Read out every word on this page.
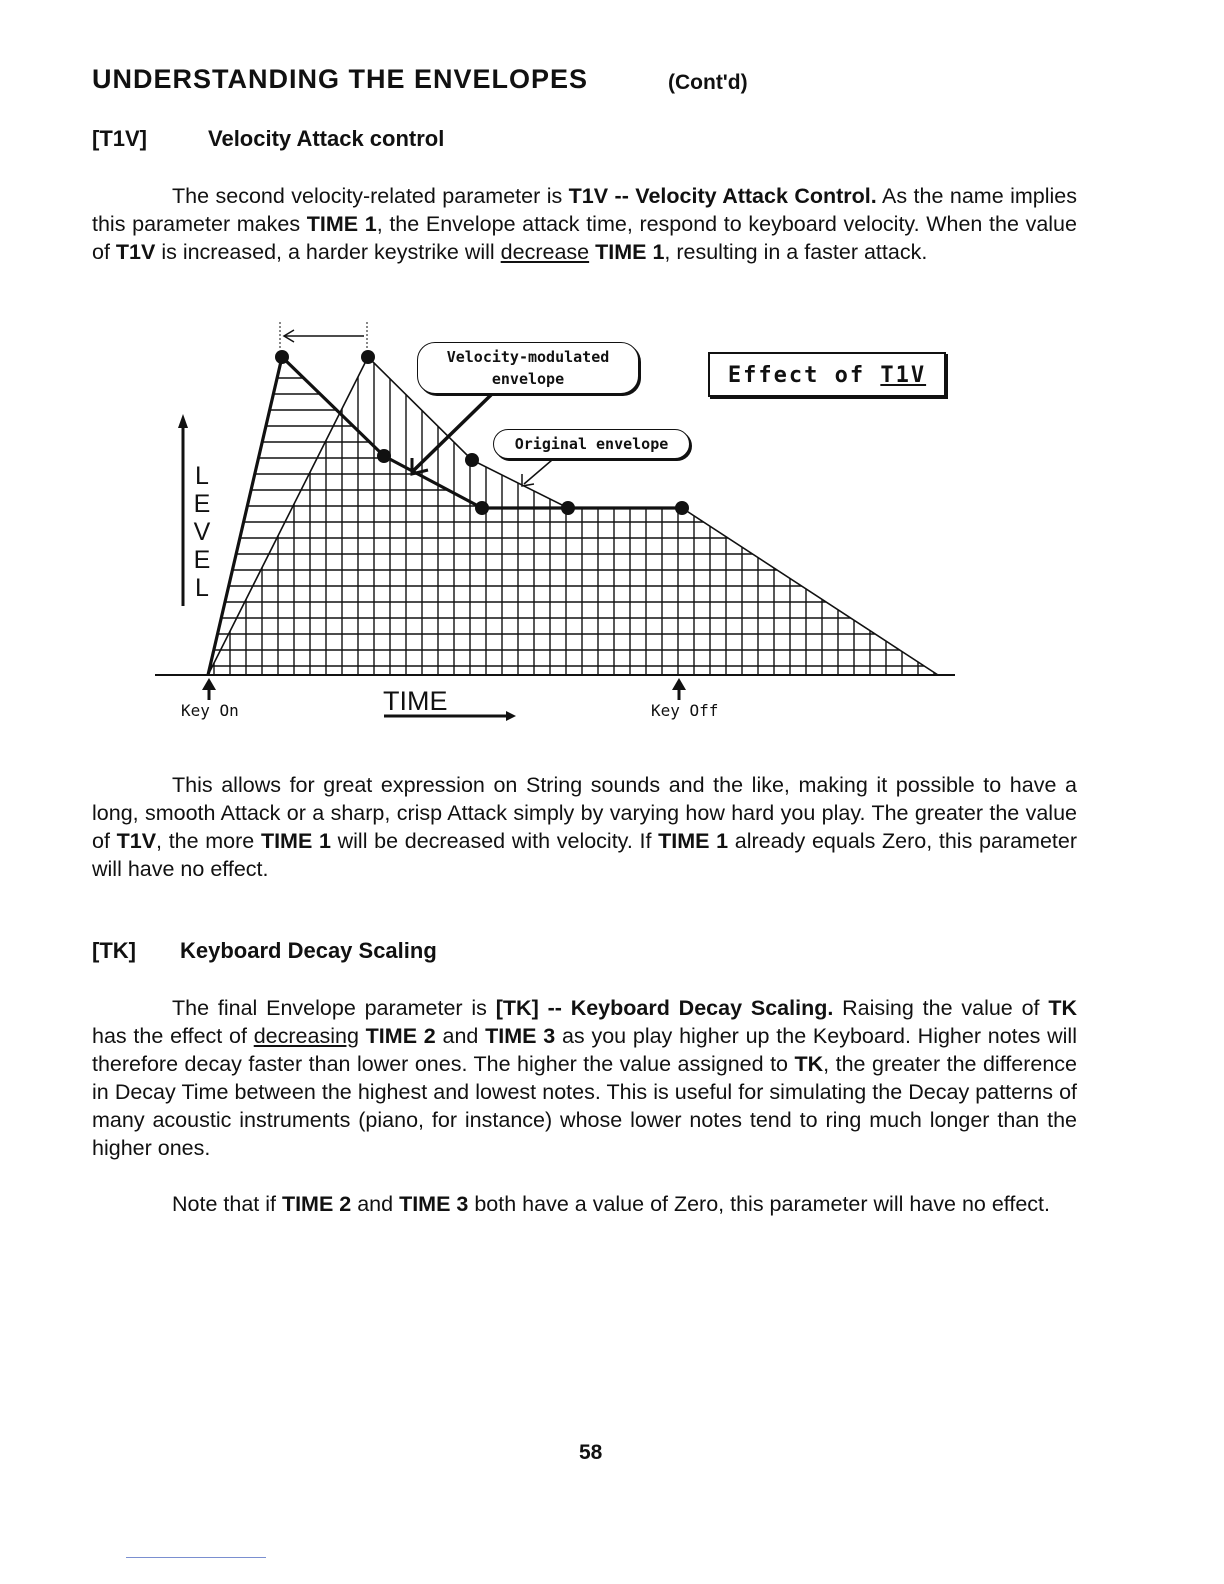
UNDERSTANDING THE ENVELOPES	(Cont'd)
[T1V]	Velocity Attack control
The second velocity-related parameter is T1V -- Velocity Attack Control. As the name implies this parameter makes TIME 1, the Envelope attack time, respond to keyboard velocity. When the value of T1V is increased, a harder keystrike will decrease TIME 1, resulting in a faster attack.
Velocity-modulated
envelope
Original envelope
Effect of T1V
L
E
V
E
L
TIME
Key On	Key Off
This allows for great expression on String sounds and the like, making it possible to have a long, smooth Attack or a sharp, crisp Attack simply by varying how hard you play. The greater the value of T1V, the more TIME 1 will be decreased with velocity. If TIME 1 already equals Zero, this parameter will have no effect.
[TK] Keyboard Decay Scaling
The final Envelope parameter is [TK] -- Keyboard Decay Scaling. Raising the value of TK has the effect of decreasing TIME 2 and TIME 3 as you play higher up the Keyboard. Higher notes will therefore decay faster than lower ones. The higher the value assigned to TK, the greater the difference in Decay Time between the highest and lowest notes. This is useful for simulating the Decay patterns of many acoustic instruments (piano, for instance) whose lower notes tend to ring much longer than the higher ones.
Note that if TIME 2 and TIME 3 both have a value of Zero, this parameter will have no effect.
58
